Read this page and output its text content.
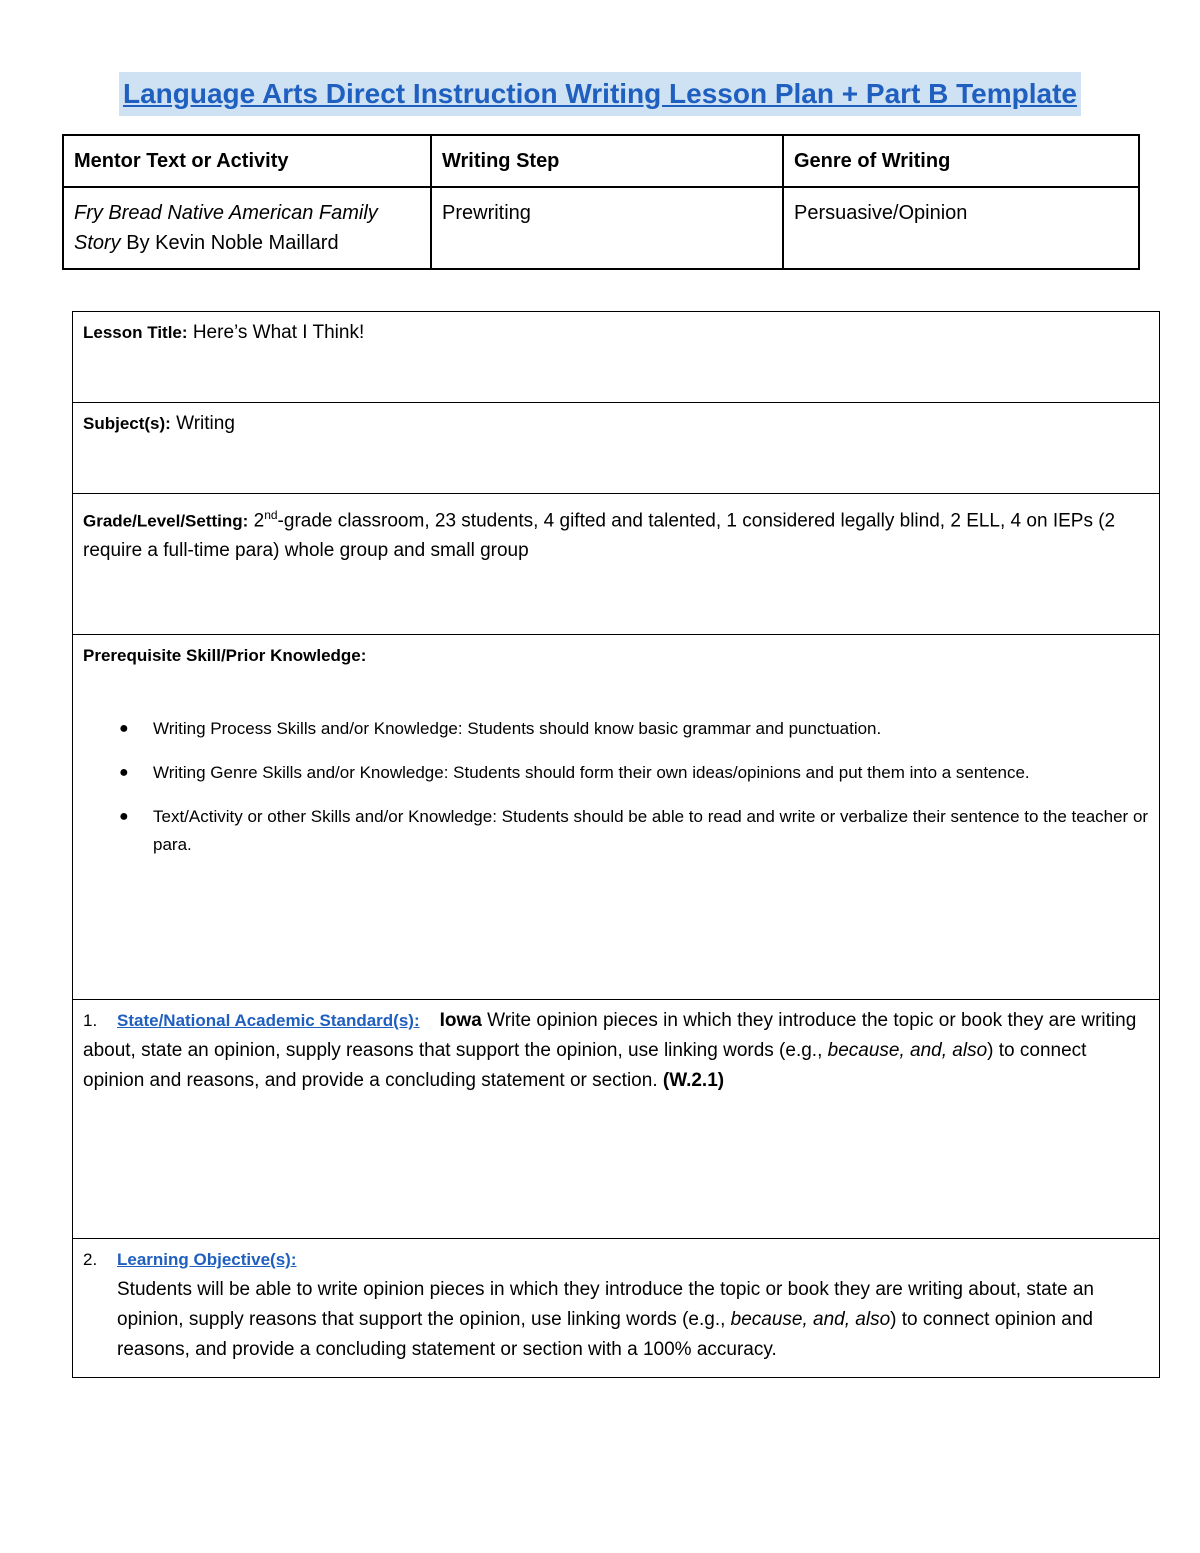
Language Arts Direct Instruction Writing Lesson Plan + Part B Template
Mentor Text or Activity	Writing Step	Genre of Writing
Fry Bread Native American Family Story By Kevin Noble Maillard	Prewriting	Persuasive/Opinion
Lesson Title: Here’s What I Think!
Subject(s): Writing
Grade/Level/Setting: 2nd-grade classroom, 23 students, 4 gifted and talented, 1 considered legally blind, 2 ELL, 4 on IEPs (2 require a full-time para) whole group and small group
Prerequisite Skill/Prior Knowledge:
● Writing Process Skills and/or Knowledge: Students should know basic grammar and punctuation.
● Writing Genre Skills and/or Knowledge: Students should form their own ideas/opinions and put them into a sentence.
● Text/Activity or other Skills and/or Knowledge: Students should be able to read and write or verbalize their sentence to the teacher or para.

1. State/National Academic Standard(s): Iowa Write opinion pieces in which they introduce the topic or book they are writing about, state an opinion, supply reasons that support the opinion, use linking words (e.g., because, and, also) to connect opinion and reasons, and provide a concluding statement or section. (W.2.1)
2. Learning Objective(s):
Students will be able to write opinion pieces in which they introduce the topic or book they are writing about, state an opinion, supply reasons that support the opinion, use linking words (e.g., because, and, also) to connect opinion and reasons, and provide a concluding statement or section with a 100% accuracy.
